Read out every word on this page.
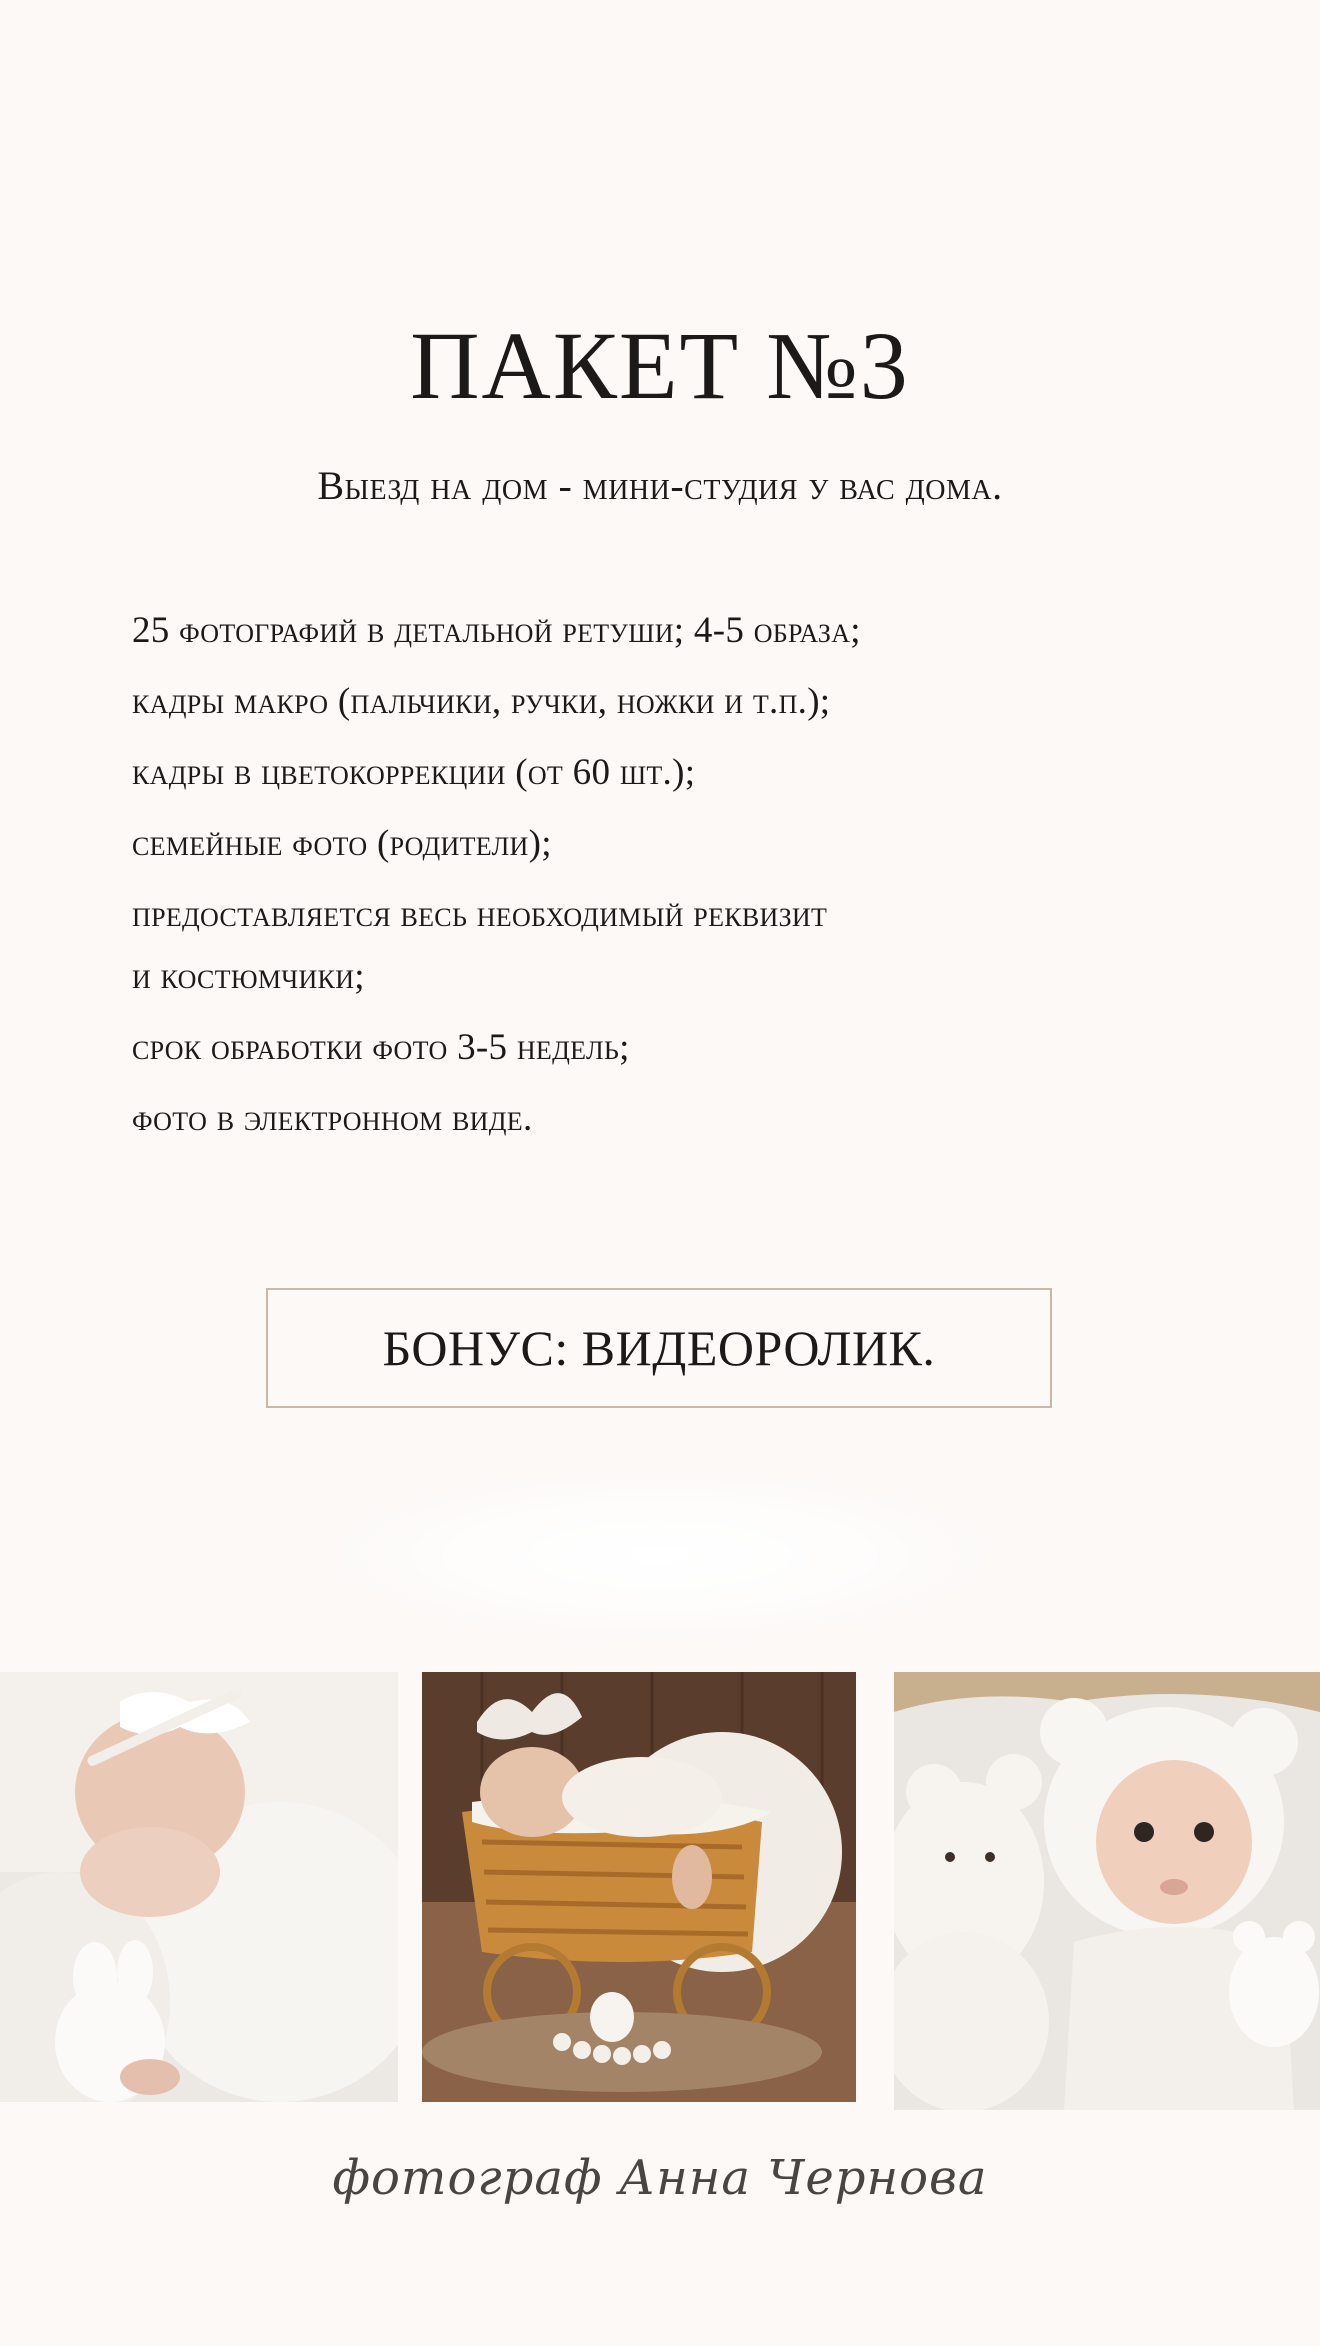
ПАКЕТ №3
Выезд на дом - мини-студия у вас дома.
25 фотографий в детальной ретуши; 4-5 образа;
кадры макро (пальчики, ручки, ножки и т.п.);
кадры в цветокоррекции (от 60 шт.);
семейные фото (родители);
предоставляется весь необходимый реквизит
и костюмчики;
срок обработки фото 3-5 недель;
фото в электронном виде.
БОНУС: ВИДЕОРОЛИК.
фотограф Анна Чернова
